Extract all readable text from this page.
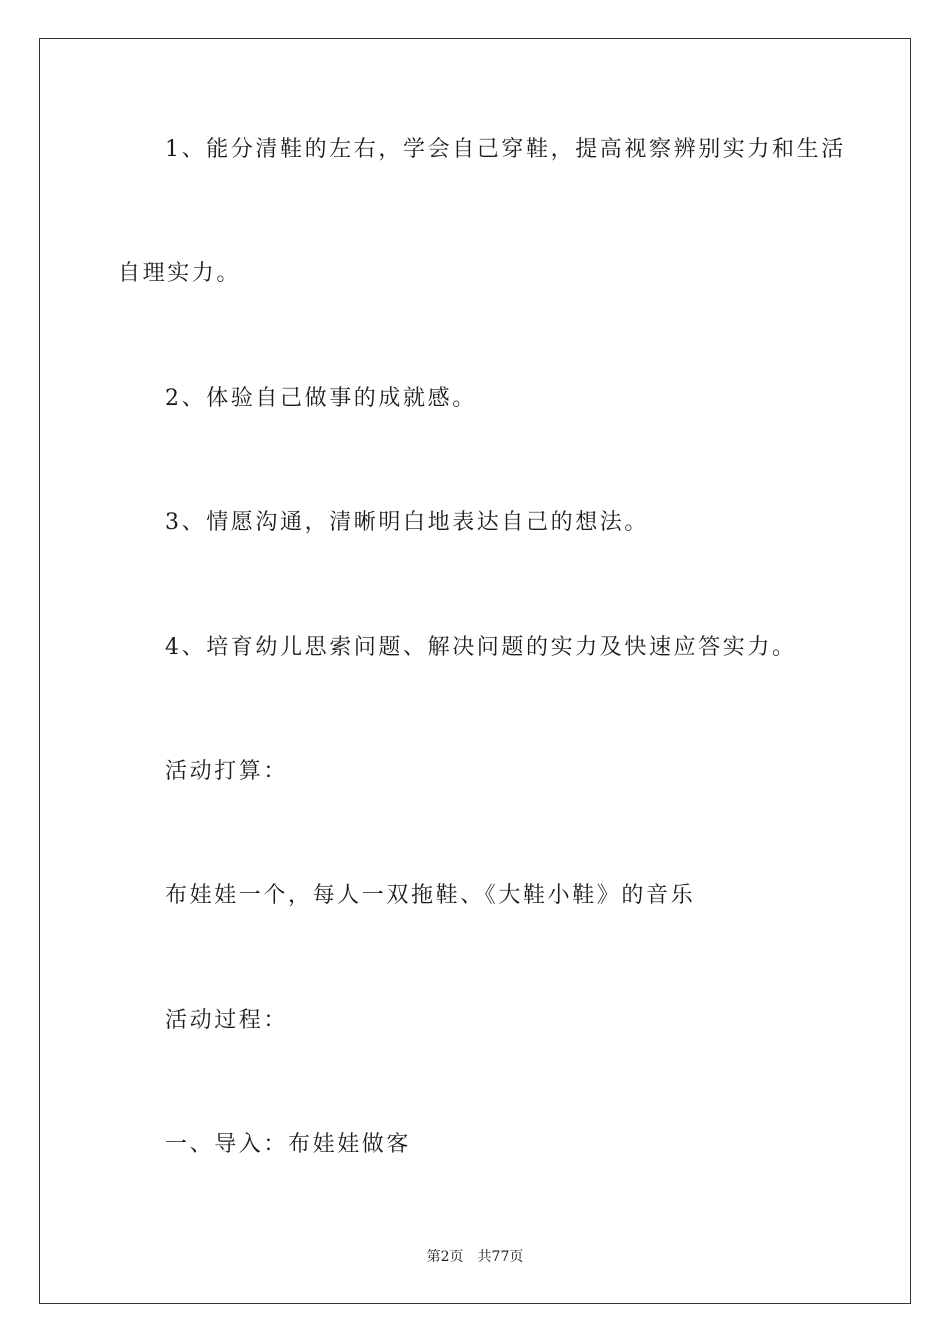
1、能分清鞋的左右，学会自己穿鞋，提高视察辨别实力和生活

自理实力。

2、体验自己做事的成就感。

3、情愿沟通，清晰明白地表达自己的想法。

4、培育幼儿思索问题、解决问题的实力及快速应答实力。

活动打算：

布娃娃一个，每人一双拖鞋、《大鞋小鞋》的音乐

活动过程：

一、导入：布娃娃做客

第2页 共77页
